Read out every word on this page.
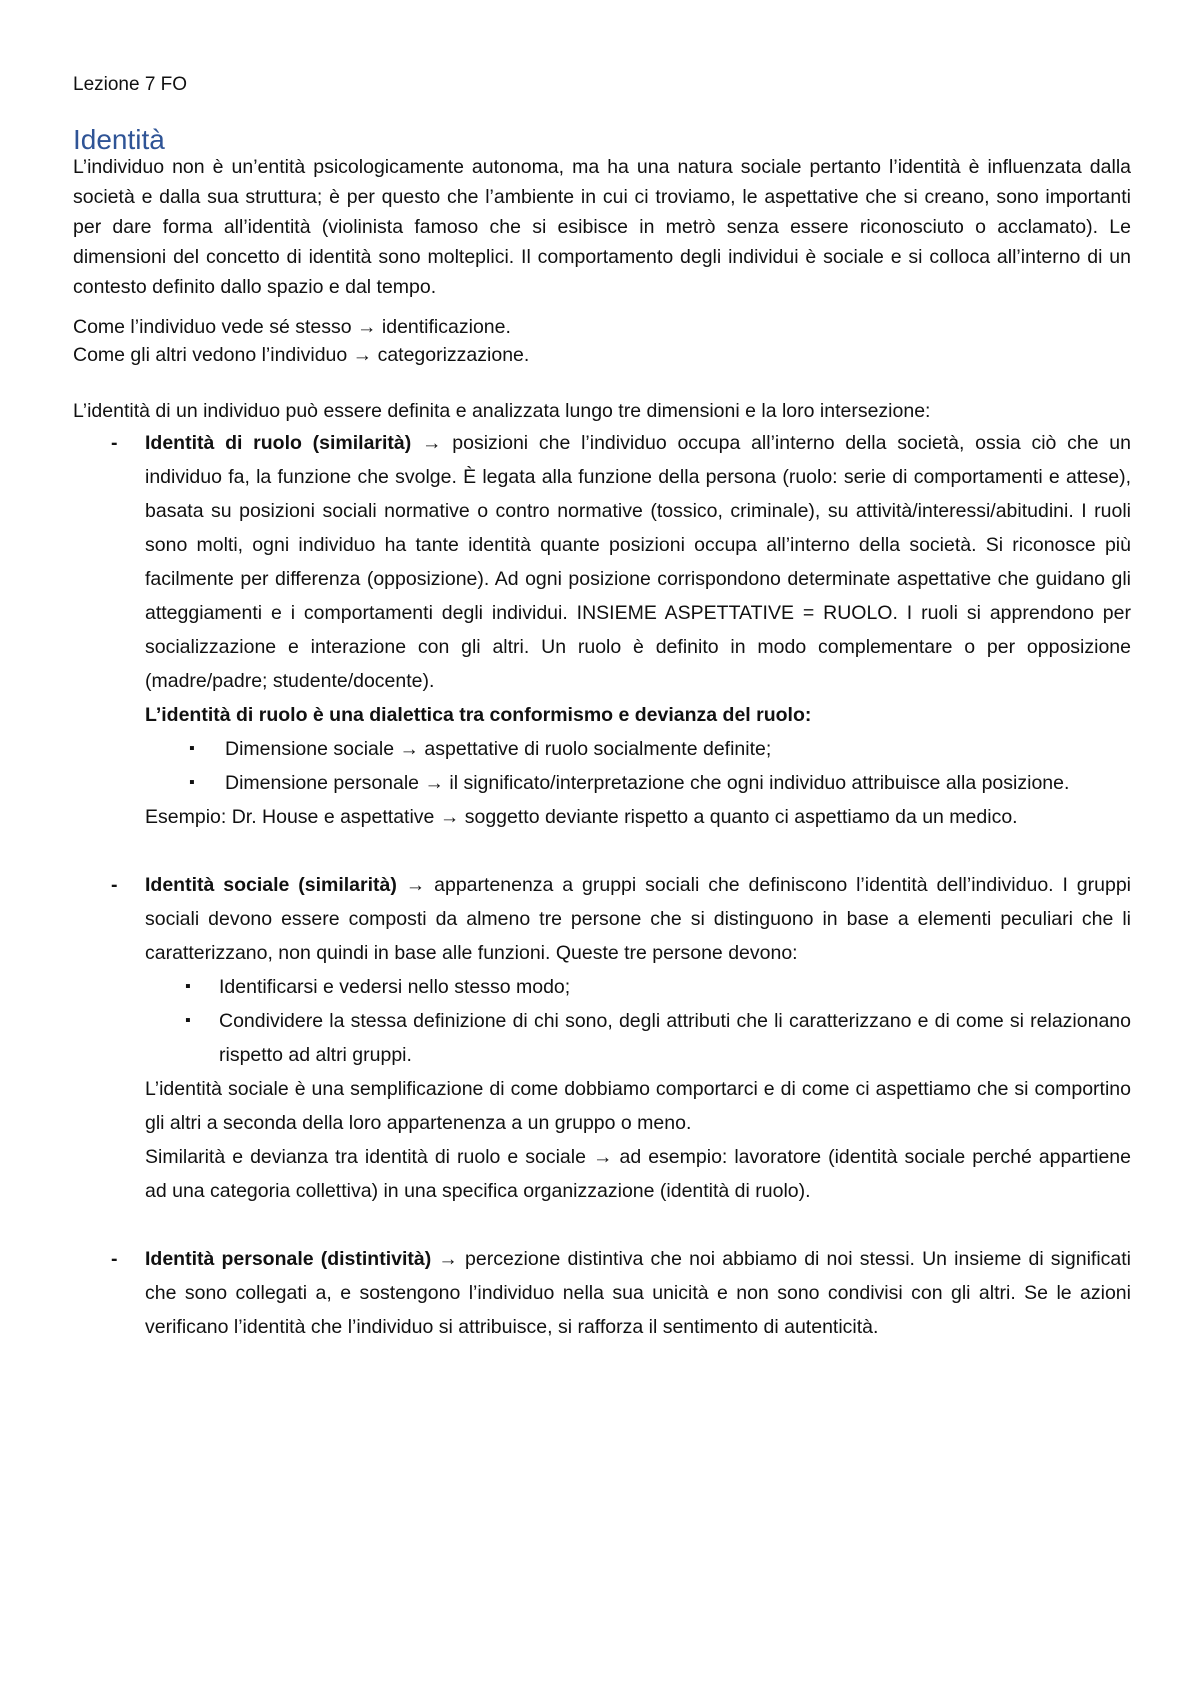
Lezione 7 FO
Identità
L’individuo non è un’entità psicologicamente autonoma, ma ha una natura sociale pertanto l’identità è influenzata dalla società e dalla sua struttura; è per questo che l’ambiente in cui ci troviamo, le aspettative che si creano, sono importanti per dare forma all’identità (violinista famoso che si esibisce in metrò senza essere riconosciuto o acclamato). Le dimensioni del concetto di identità sono molteplici. Il comportamento degli individui è sociale e si colloca all’interno di un contesto definito dallo spazio e dal tempo.
Come l’individuo vede sé stesso → identificazione.
Come gli altri vedono l’individuo → categorizzazione.
L’identità di un individuo può essere definita e analizzata lungo tre dimensioni e la loro intersezione:
- Identità di ruolo (similarità) → posizioni che l’individuo occupa all’interno della società, ossia ciò che un individuo fa, la funzione che svolge. È legata alla funzione della persona (ruolo: serie di comportamenti e attese), basata su posizioni sociali normative o contro normative (tossico, criminale), su attività/interessi/abitudini. I ruoli sono molti, ogni individuo ha tante identità quante posizioni occupa all’interno della società. Si riconosce più facilmente per differenza (opposizione). Ad ogni posizione corrispondono determinate aspettative che guidano gli atteggiamenti e i comportamenti degli individui. INSIEME ASPETTATIVE = RUOLO. I ruoli si apprendono per socializzazione e interazione con gli altri. Un ruolo è definito in modo complementare o per opposizione (madre/padre; studente/docente).
L’identità di ruolo è una dialettica tra conformismo e devianza del ruolo:
▪	Dimensione sociale → aspettative di ruolo socialmente definite;
▪	Dimensione personale → il significato/interpretazione che ogni individuo attribuisce alla posizione.
Esempio: Dr. House e aspettative → soggetto deviante rispetto a quanto ci aspettiamo da un medico.
- Identità sociale (similarità) → appartenenza a gruppi sociali che definiscono l’identità dell’individuo. I gruppi sociali devono essere composti da almeno tre persone che si distinguono in base a elementi peculiari che li caratterizzano, non quindi in base alle funzioni. Queste tre persone devono:
▪	Identificarsi e vedersi nello stesso modo;
▪	Condividere la stessa definizione di chi sono, degli attributi che li caratterizzano e di come si relazionano rispetto ad altri gruppi.
L’identità sociale è una semplificazione di come dobbiamo comportarci e di come ci aspettiamo che si comportino gli altri a seconda della loro appartenenza a un gruppo o meno.
Similarità e devianza tra identità di ruolo e sociale → ad esempio: lavoratore (identità sociale perché appartiene ad una categoria collettiva) in una specifica organizzazione (identità di ruolo).
- Identità personale (distintività) → percezione distintiva che noi abbiamo di noi stessi. Un insieme di significati che sono collegati a, e sostengono l’individuo nella sua unicità e non sono condivisi con gli altri. Se le azioni verificano l’identità che l’individuo si attribuisce, si rafforza il sentimento di autenticità.
